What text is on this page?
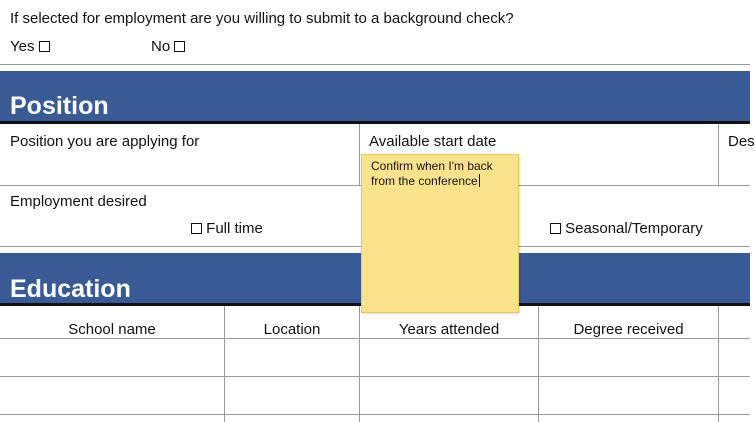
If selected for employment are you willing to submit to a background check?
Yes	No
Position
Position you are applying for	Available start date	Des
Employment desired
Full time	Seasonal/Temporary
Education
School name	Location	Years attended	Degree received
Confirm when I'm back
from the conference
